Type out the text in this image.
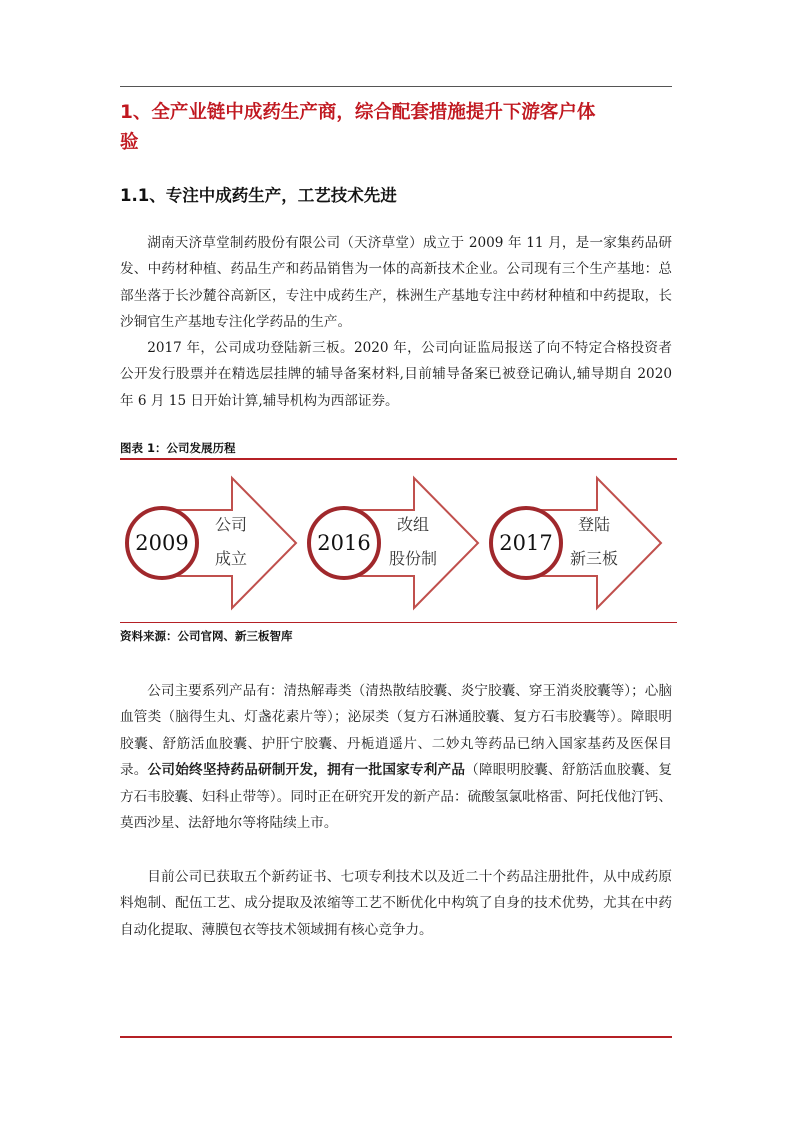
1、全产业链中成药生产商，综合配套措施提升下游客户体
验
1.1、专注中成药生产，工艺技术先进

湖南天济草堂制药股份有限公司（天济草堂）成立于 2009 年 11 月，是一家集药品研发、中药材种植、药品生产和药品销售为一体的高新技术企业。公司现有三个生产基地：总部坐落于长沙麓谷高新区，专注中成药生产，株洲生产基地专注中药材种植和中药提取，长沙铜官生产基地专注化学药品的生产。

2017 年，公司成功登陆新三板。2020 年，公司向证监局报送了向不特定合格投资者公开发行股票并在精选层挂牌的辅导备案材料,目前辅导备案已被登记确认,辅导期自 2020 年 6 月 15 日开始计算,辅导机构为西部证券。

图表 1：公司发展历程

2009
公司
成立
2016
改组
股份制
2017
登陆
新三板

资料来源：公司官网、新三板智库

公司主要系列产品有：清热解毒类（清热散结胶囊、炎宁胶囊、穿王消炎胶囊等）；心脑血管类（脑得生丸、灯盏花素片等）；泌尿类（复方石淋通胶囊、复方石韦胶囊等）。障眼明胶囊、舒筋活血胶囊、护肝宁胶囊、丹栀逍遥片、二妙丸等药品已纳入国家基药及医保目录。公司始终坚持药品研制开发，拥有一批国家专利产品（障眼明胶囊、舒筋活血胶囊、复方石韦胶囊、妇科止带等）。同时正在研究开发的新产品：硫酸氢氯吡格雷、阿托伐他汀钙、莫西沙星、法舒地尔等将陆续上市。

目前公司已获取五个新药证书、七项专利技术以及近二十个药品注册批件，从中成药原料炮制、配伍工艺、成分提取及浓缩等工艺不断优化中构筑了自身的技术优势，尤其在中药自动化提取、薄膜包衣等技术领域拥有核心竞争力。
